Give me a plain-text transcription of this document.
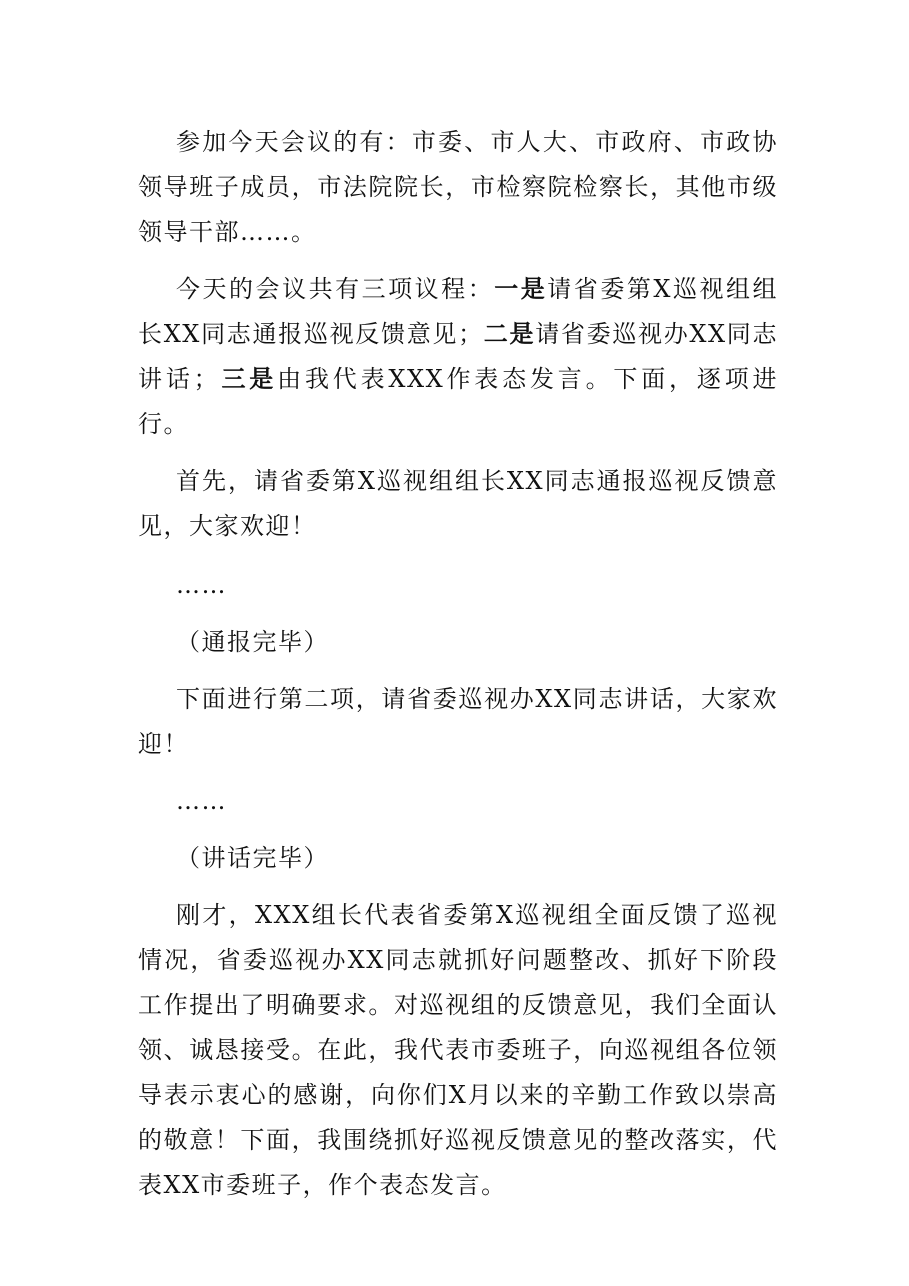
参加今天会议的有：市委、市人大、市政府、市政协领导班子成员，市法院院长，市检察院检察长，其他市级领导干部……。

今天的会议共有三项议程：一是请省委第X巡视组组长XX同志通报巡视反馈意见；二是请省委巡视办XX同志讲话；三是由我代表XXX作表态发言。下面，逐项进行。

首先，请省委第X巡视组组长XX同志通报巡视反馈意见，大家欢迎！

……

（通报完毕）

下面进行第二项，请省委巡视办XX同志讲话，大家欢迎！

……

（讲话完毕）

刚才，XXX组长代表省委第X巡视组全面反馈了巡视情况，省委巡视办XX同志就抓好问题整改、抓好下阶段工作提出了明确要求。对巡视组的反馈意见，我们全面认领、诚恳接受。在此，我代表市委班子，向巡视组各位领导表示衷心的感谢，向你们X月以来的辛勤工作致以崇高的敬意！下面，我围绕抓好巡视反馈意见的整改落实，代表XX市委班子，作个表态发言。
